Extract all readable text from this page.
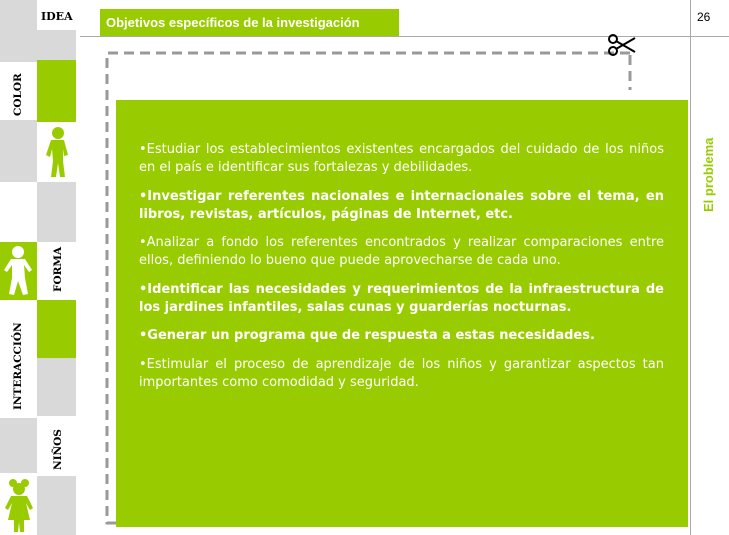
IDEA
COLOR
FORMA
INTERACCIÓN
NIÑOS
Objetivos específicos de la investigación	26
El problema

•Estudiar los establecimientos existentes encargados del cuidado de los niños en el país e identificar sus fortalezas y debilidades.

•Investigar referentes nacionales e internacionales sobre el tema, en libros, revistas, artículos, páginas de Internet, etc.

•Analizar a fondo los referentes encontrados y realizar comparaciones entre ellos, definiendo lo bueno que puede aprovecharse de cada uno.

•Identificar las necesidades y requerimientos de la infraestructura de los jardines infantiles, salas cunas y guarderías nocturnas.

•Generar un programa que de respuesta a estas necesidades.

•Estimular el proceso de aprendizaje de los niños y garantizar aspectos tan importantes como comodidad y seguridad.
